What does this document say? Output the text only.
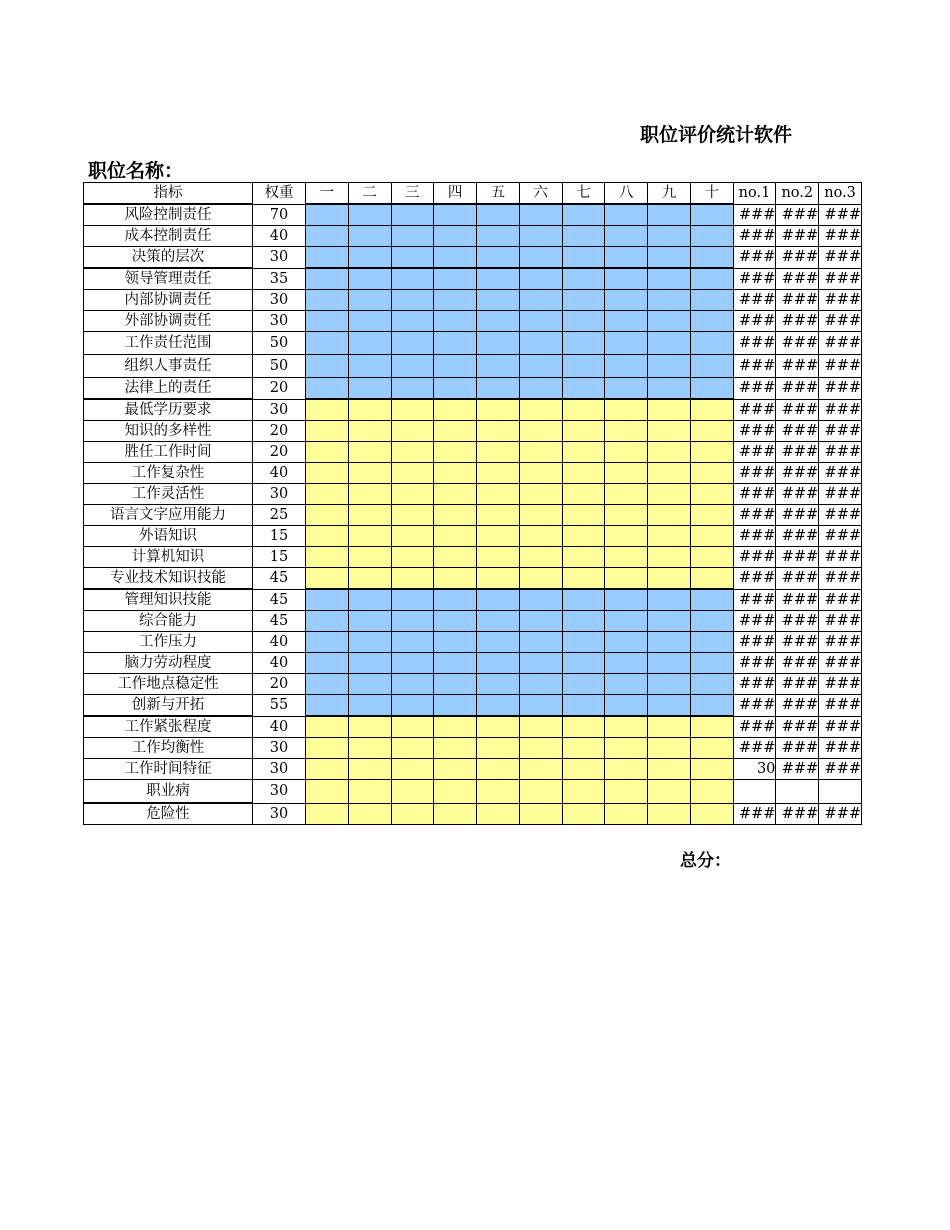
职位评价统计软件
职位名称：
指标	权重	一	二	三	四	五	六	七	八	九	十	no.1	no.2	no.3
风险控制责任	70											###	###	###
成本控制责任	40											###	###	###
决策的层次	30											###	###	###
领导管理责任	35											###	###	###
内部协调责任	30											###	###	###
外部协调责任	30											###	###	###
工作责任范围	50											###	###	###
组织人事责任	50											###	###	###
法律上的责任	20											###	###	###
最低学历要求	30											###	###	###
知识的多样性	20											###	###	###
胜任工作时间	20											###	###	###
工作复杂性	40											###	###	###
工作灵活性	30											###	###	###
语言文字应用能力	25											###	###	###
外语知识	15											###	###	###
计算机知识	15											###	###	###
专业技术知识技能	45											###	###	###
管理知识技能	45											###	###	###
综合能力	45											###	###	###
工作压力	40											###	###	###
脑力劳动程度	40											###	###	###
工作地点稳定性	20											###	###	###
创新与开拓	55											###	###	###
工作紧张程度	40											###	###	###
工作均衡性	30											###	###	###
工作时间特征	30											30	###	###
职业病	30													
危险性	30											###	###	###
总分：
